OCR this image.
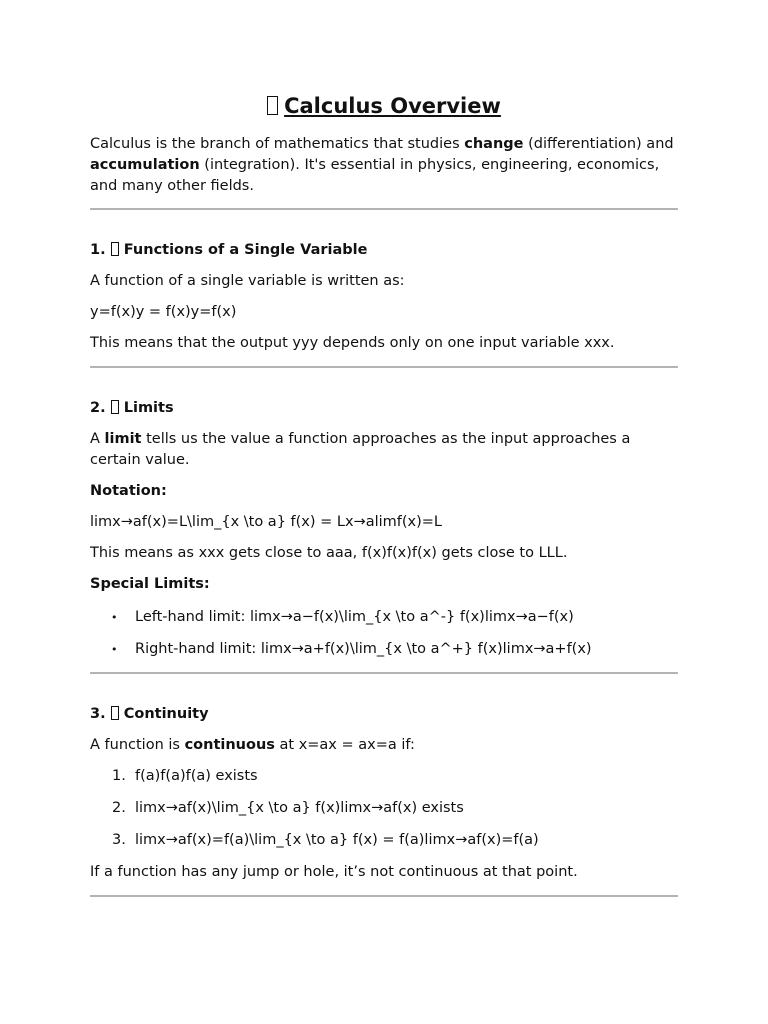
Calculus Overview

Calculus is the branch of mathematics that studies change (differentiation) and accumulation (integration). It's essential in physics, engineering, economics, and many other fields.

1. Functions of a Single Variable

A function of a single variable is written as:

y=f(x)y = f(x)y=f(x)

This means that the output yyy depends only on one input variable xxx.

2. Limits

A limit tells us the value a function approaches as the input approaches a certain value.

Notation:

limx→af(x)=L\lim_{x \to a} f(x) = Lx→alimf(x)=L

This means as xxx gets close to aaa, f(x)f(x)f(x) gets close to LLL.

Special Limits:

• Left-hand limit: limx→a−f(x)\lim_{x \to a^-} f(x)limx→a−f(x)
• Right-hand limit: limx→a+f(x)\lim_{x \to a^+} f(x)limx→a+f(x)
3. Continuity

A function is continuous at x=ax = ax=a if:

1. f(a)f(a)f(a) exists
2. limx→af(x)\lim_{x \to a} f(x)limx→af(x) exists
3. limx→af(x)=f(a)\lim_{x \to a} f(x) = f(a)limx→af(x)=f(a)

If a function has any jump or hole, it’s not continuous at that point.
